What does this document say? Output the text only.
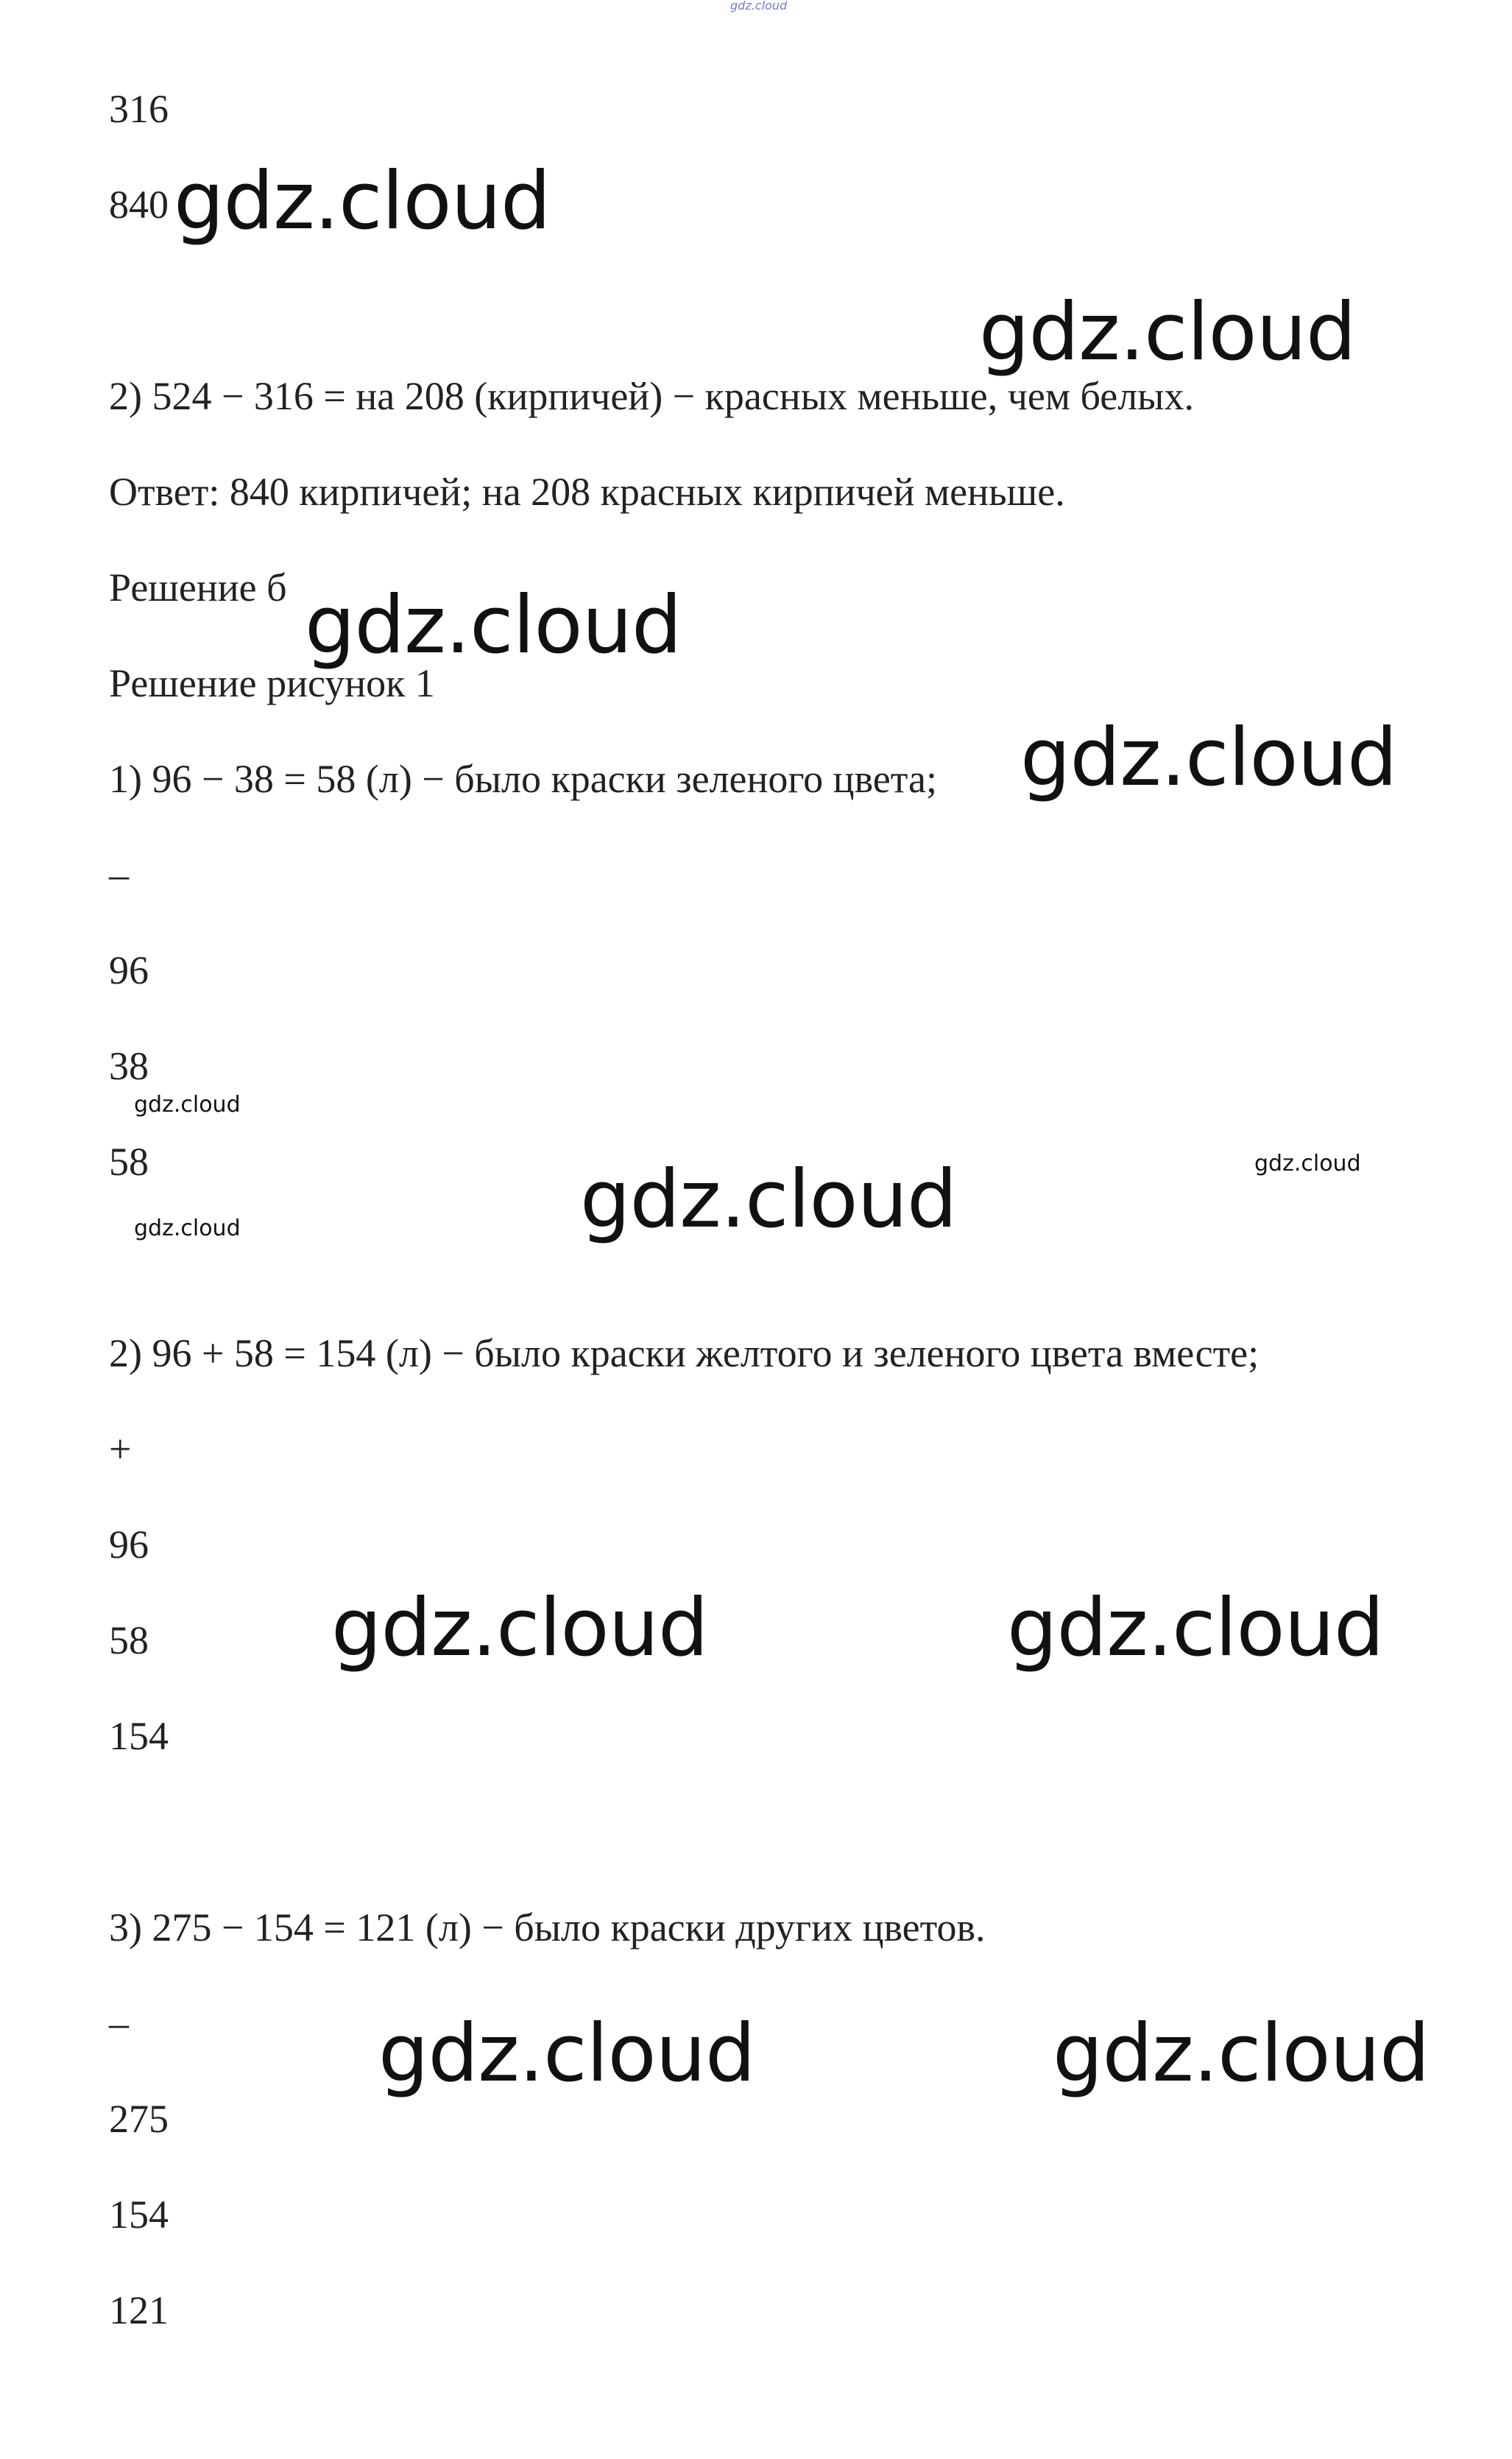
316
840
2) 524 − 316 = на 208 (кирпичей) − красных меньше, чем белых.
Ответ: 840 кирпичей; на 208 красных кирпичей меньше.
Решение б
Решение рисунок 1
1) 96 − 38 = 58 (л) − было краски зеленого цвета;
–
96
38
58
2) 96 + 58 = 154 (л) − было краски желтого и зеленого цвета вместе;
+
96
58
154
3) 275 − 154 = 121 (л) − было краски других цветов.
–
275
154
121
gdz.cloud
gdz.cloud
gdz.cloud
gdz.cloud
gdz.cloud
gdz.cloud
gdz.cloud
gdz.cloud	gdz.cloud
gdz.cloud	gdz.cloud
gdz.cloud	gdz.cloud
